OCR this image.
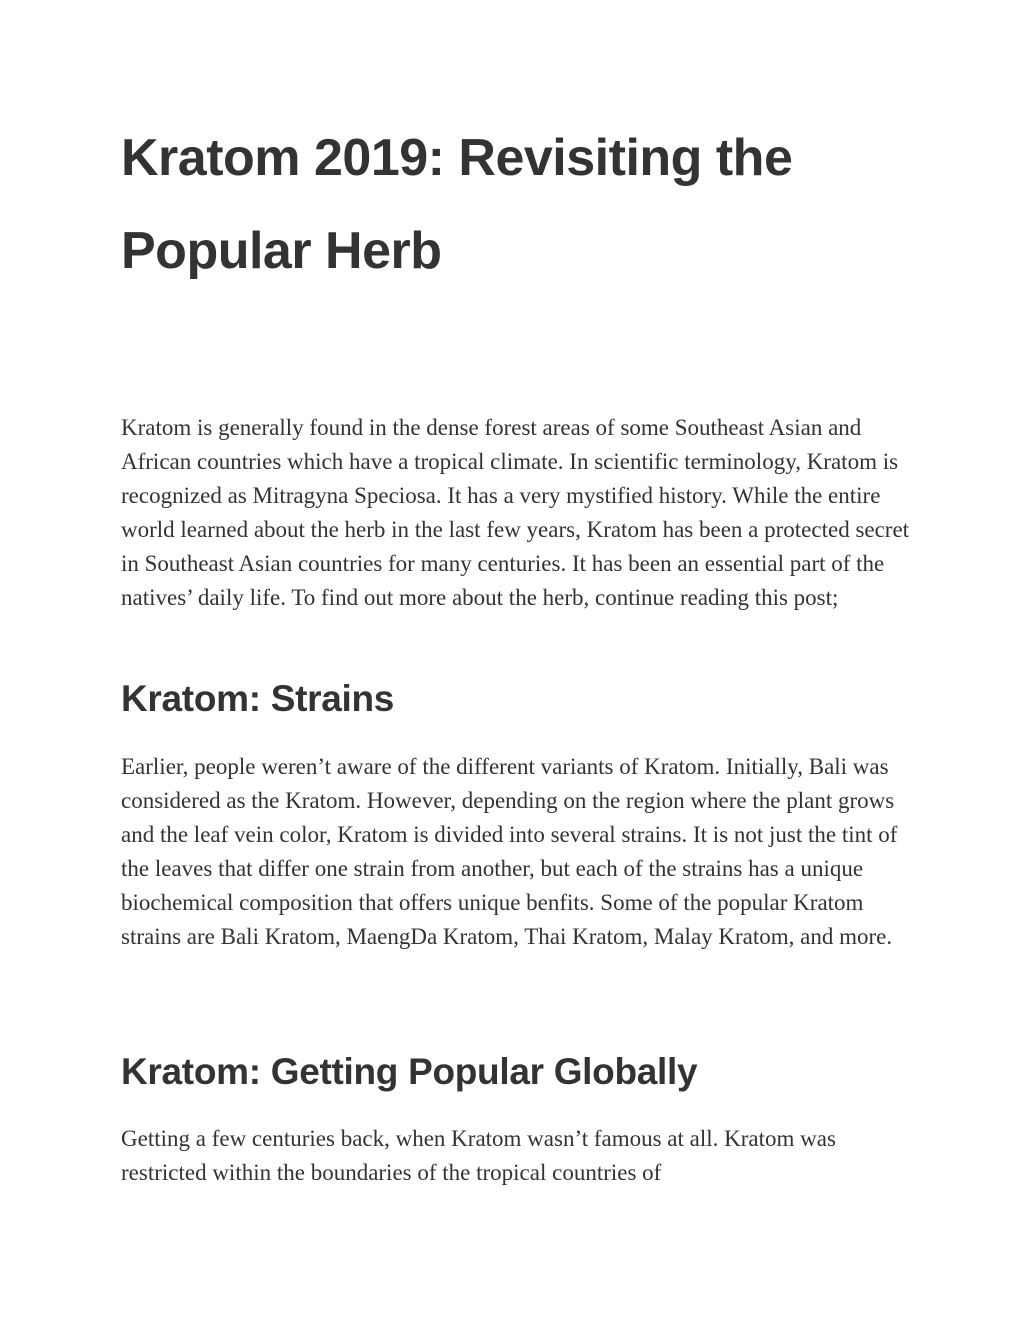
Kratom 2019: Revisiting the Popular Herb

Kratom is generally found in the dense forest areas of some Southeast Asian and African countries which have a tropical climate. In scientific terminology, Kratom is recognized as Mitragyna Speciosa. It has a very mystified history. While the entire world learned about the herb in the last few years, Kratom has been a protected secret in Southeast Asian countries for many centuries. It has been an essential part of the natives’ daily life. To find out more about the herb, continue reading this post;

Kratom: Strains

Earlier, people weren’t aware of the different variants of Kratom. Initially, Bali was considered as the Kratom. However, depending on the region where the plant grows and the leaf vein color, Kratom is divided into several strains. It is not just the tint of the leaves that differ one strain from another, but each of the strains has a unique biochemical composition that offers unique benfits. Some of the popular Kratom strains are Bali Kratom, MaengDa Kratom, Thai Kratom, Malay Kratom, and more.

Kratom: Getting Popular Globally

Getting a few centuries back, when Kratom wasn’t famous at all. Kratom was restricted within the boundaries of the tropical countries of
